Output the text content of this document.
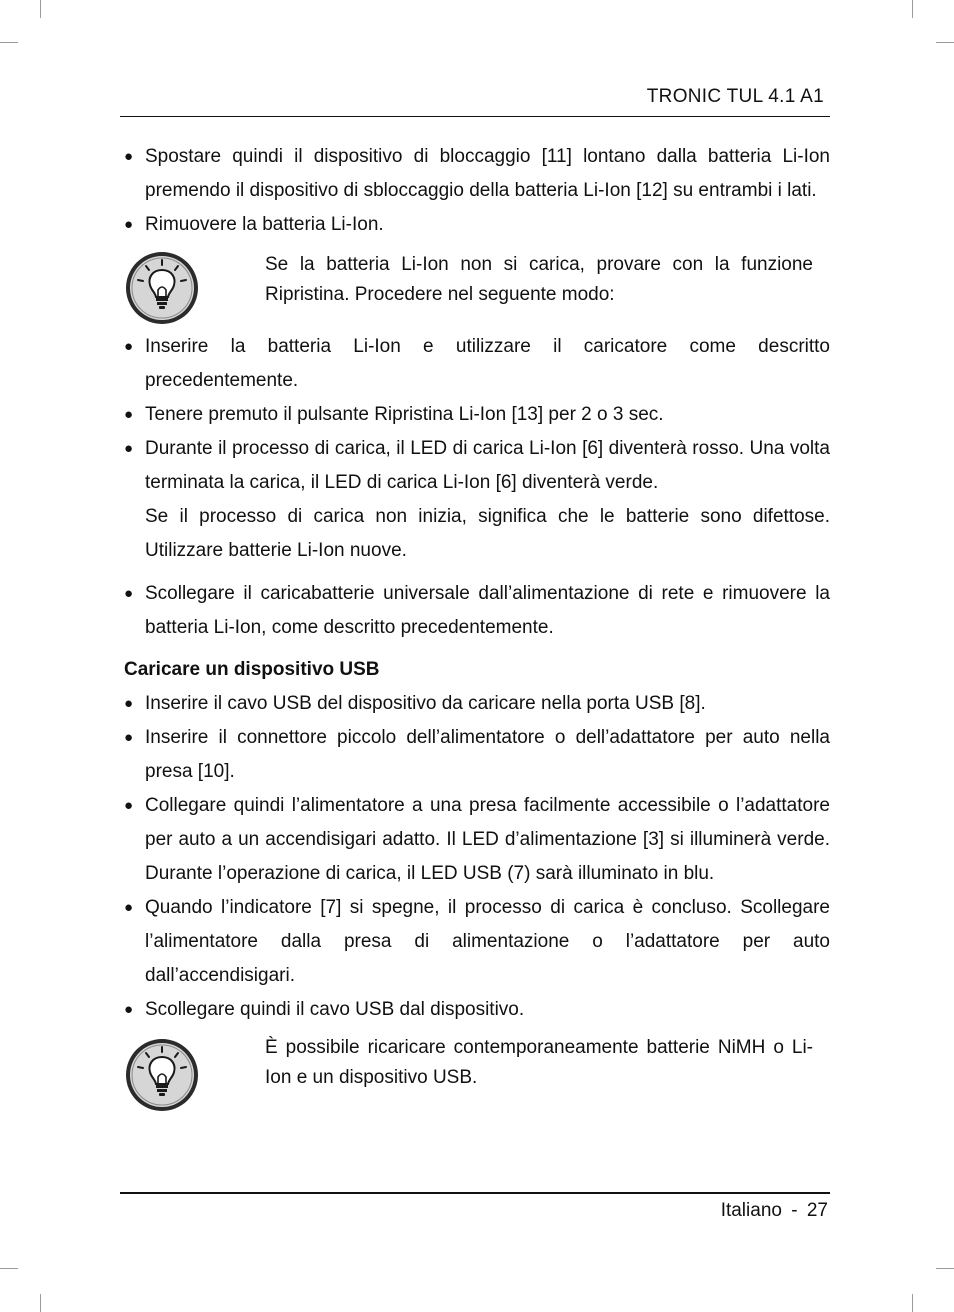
TRONIC TUL 4.1 A1
● Spostare quindi il dispositivo di bloccaggio [11] lontano dalla batteria Li-Ion premendo il dispositivo di sbloccaggio della batteria Li-Ion [12] su entrambi i lati.
● Rimuovere la batteria Li-Ion.
Se la batteria Li-Ion non si carica, provare con la funzione Ripristina. Procedere nel seguente modo:
● Inserire la batteria Li-Ion e utilizzare il caricatore come descritto precedentemente.
● Tenere premuto il pulsante Ripristina Li-Ion [13] per 2 o 3 sec.
● Durante il processo di carica, il LED di carica Li-Ion [6] diventerà rosso. Una volta terminata la carica, il LED di carica Li-Ion [6] diventerà verde.
Se il processo di carica non inizia, significa che le batterie sono difettose. Utilizzare batterie Li-Ion nuove.
● Scollegare il caricabatterie universale dall’alimentazione di rete e rimuovere la batteria Li-Ion, come descritto precedentemente.
Caricare un dispositivo USB
● Inserire il cavo USB del dispositivo da caricare nella porta USB [8].
● Inserire il connettore piccolo dell’alimentatore o dell’adattatore per auto nella presa [10].
● Collegare quindi l’alimentatore a una presa facilmente accessibile o l’adattatore per auto a un accendisigari adatto. Il LED d’alimentazione [3] si illuminerà verde. Durante l’operazione di carica, il LED USB (7) sarà illuminato in blu.
● Quando l’indicatore [7] si spegne, il processo di carica è concluso. Scollegare l’alimentatore dalla presa di alimentazione o l’adattatore per auto dall’accendisigari.
● Scollegare quindi il cavo USB dal dispositivo.
È possibile ricaricare contemporaneamente batterie NiMH o Li-Ion e un dispositivo USB.
Italiano - 27
